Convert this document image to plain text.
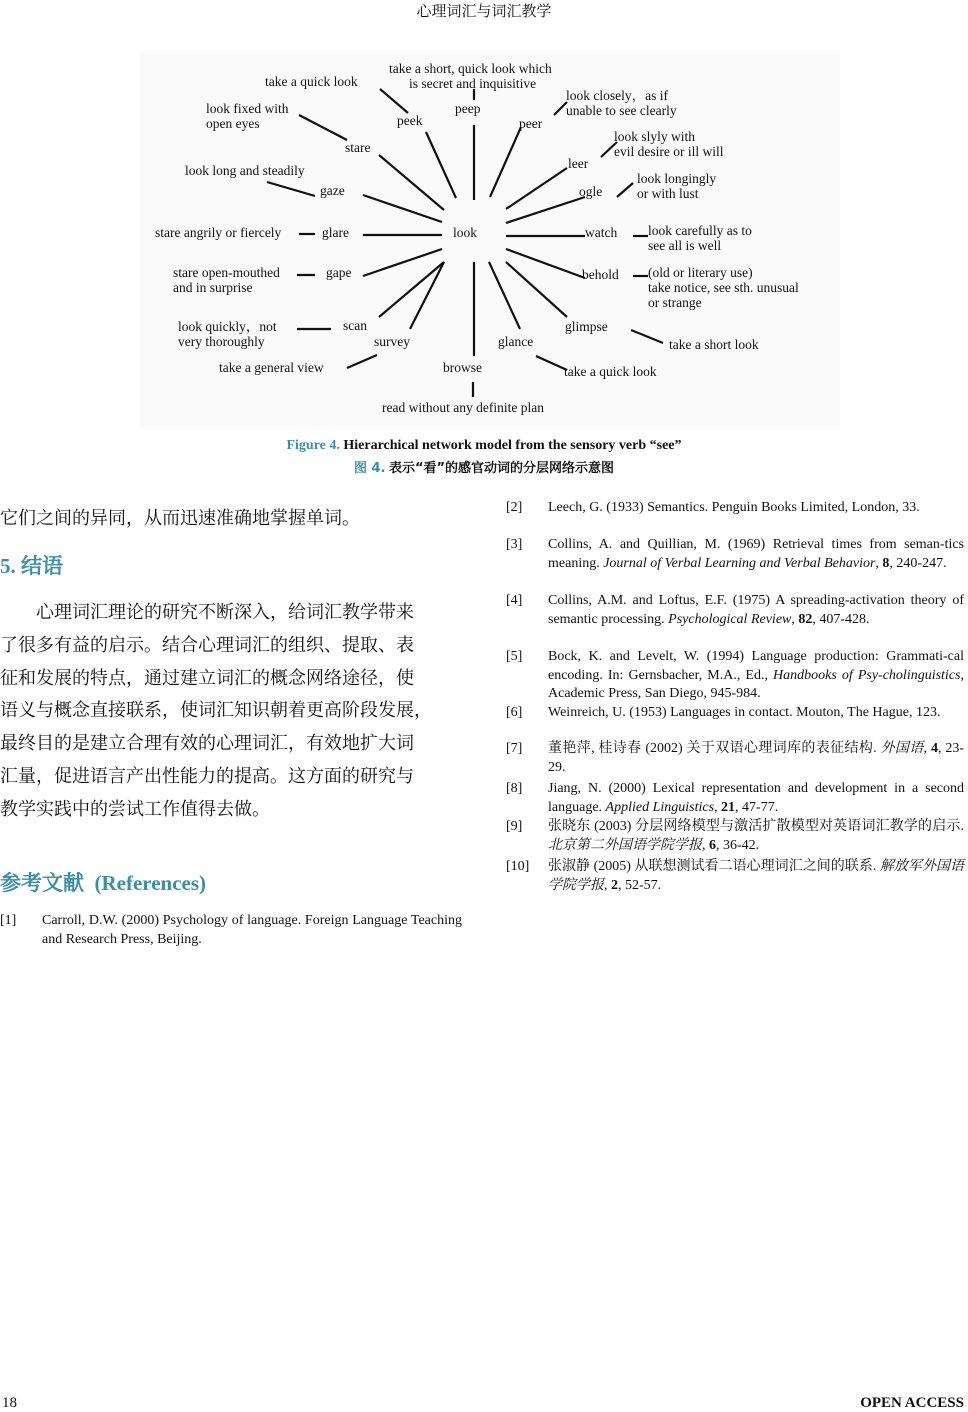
心理词汇与词汇教学
look
peep
take a short, quick look which
is secret and inquisitive
peek
take a quick look
peer
look closely，as if
unable to see clearly
stare
look fixed with
open eyes
leer
look slyly with
evil desire or ill will
gaze
look long and steadily
ogle
look longingly
or with lust
glare
stare angrily or fiercely	watch look carefully as to
see all is well
gape
stare open-mouthed
and in surprise
behold (old or literary use)
take notice, see sth. unusual
or strange
scan
look quickly，not
very thoroughly	survey
take a general view	browse
read without any definite plan
glance
take a quick look
glimpse
take a short look
Figure 4. Hierarchical network model from the sensory verb “see”
图 4. 表示“看”的感官动词的分层网络示意图
它们之间的异同，从而迅速准确地掌握单词。
5. 结语
　　心理词汇理论的研究不断深入，给词汇教学带来
了很多有益的启示。结合心理词汇的组织、提取、表
征和发展的特点，通过建立词汇的概念网络途径，使
语义与概念直接联系，使词汇知识朝着更高阶段发展，
最终目的是建立合理有效的心理词汇，有效地扩大词
汇量，促进语言产出性能力的提高。这方面的研究与
教学实践中的尝试工作值得去做。
参考文献 (References)
[1] Carroll, D.W. (2000) Psychology of language. Foreign Language Teaching and Research Press, Beijing.
[2] Leech, G. (1933) Semantics. Penguin Books Limited, London, 33.
[3] Collins, A. and Quillian, M. (1969) Retrieval times from seman-tics meaning. Journal of Verbal Learning and Verbal Behavior, 8, 240-247.
[4] Collins, A.M. and Loftus, E.F. (1975) A spreading-activation theory of semantic processing. Psychological Review, 82, 407-428.
[5] Bock, K. and Levelt, W. (1994) Language production: Grammati-cal encoding. In: Gernsbacher, M.A., Ed., Handbooks of Psy-cholinguistics, Academic Press, San Diego, 945-984.
[6] Weinreich, U. (1953) Languages in contact. Mouton, The Hague, 123.
[7] 董艳萍, 桂诗春 (2002) 关于双语心理词库的表征结构. 外国语, 4, 23-29.
[8] Jiang, N. (2000) Lexical representation and development in a second language. Applied Linguistics, 21, 47-77.
[9] 张晓东 (2003) 分层网络模型与激活扩散模型对英语词汇教学的启示. 北京第二外国语学院学报, 6, 36-42.
[10] 张淑静 (2005) 从联想测试看二语心理词汇之间的联系. 解放军外国语学院学报, 2, 52-57.
18	OPEN ACCESS
